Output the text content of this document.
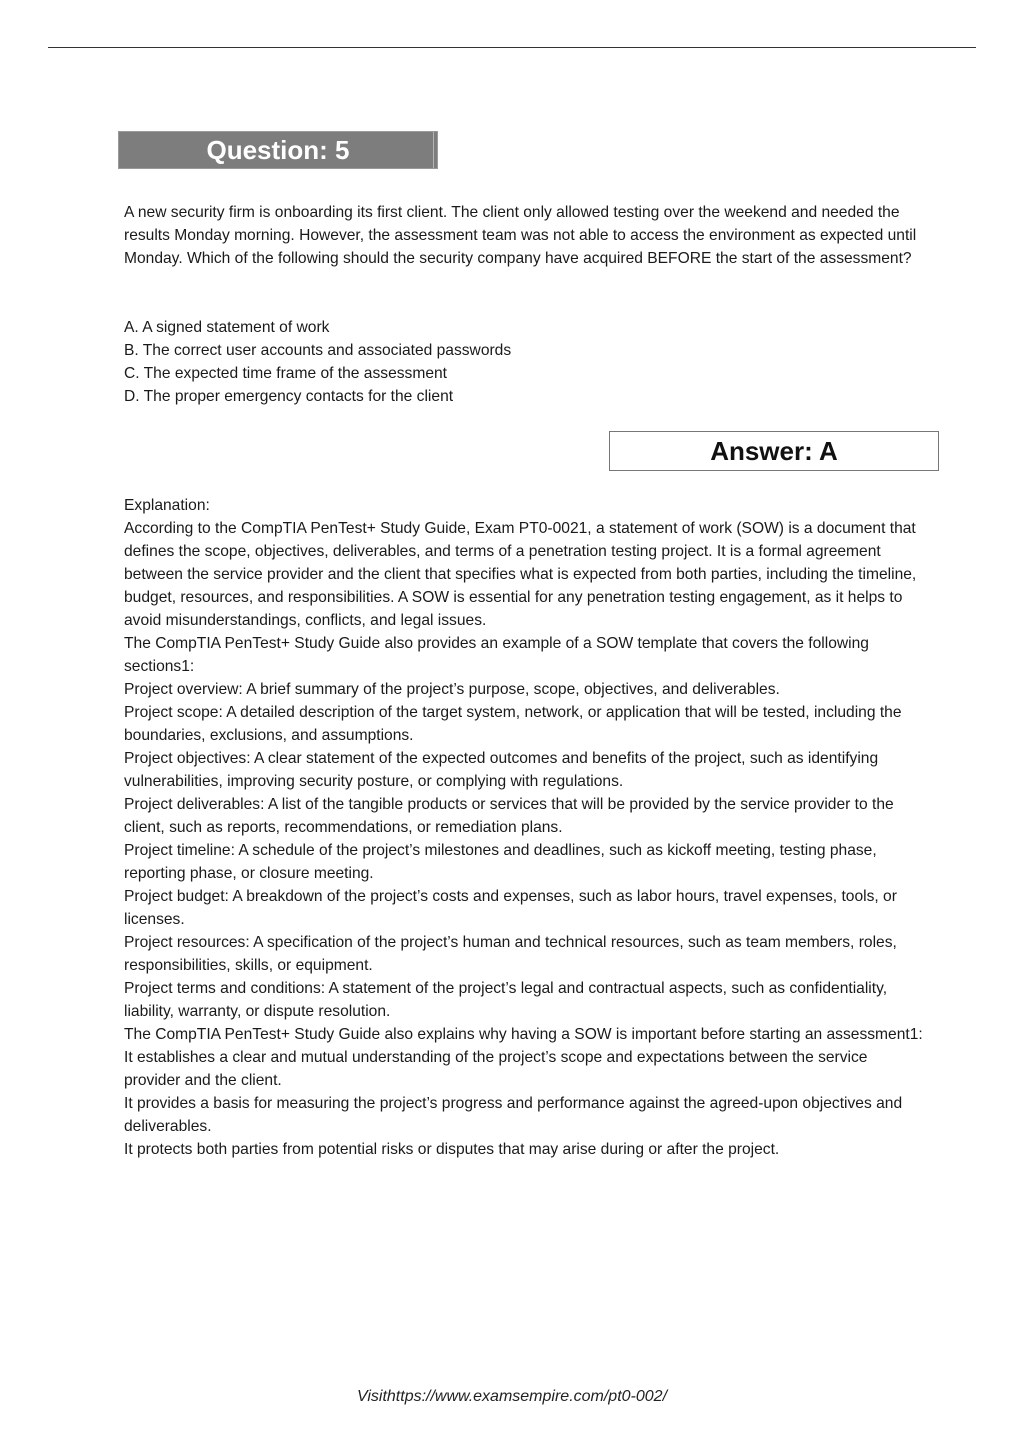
Question: 5

A new security firm is onboarding its first client. The client only allowed testing over the weekend and needed the results Monday morning. However, the assessment team was not able to access the environment as expected until Monday. Which of the following should the security company have acquired BEFORE the start of the assessment?

A. A signed statement of work

B. The correct user accounts and associated passwords

C. The expected time frame of the assessment

D. The proper emergency contacts for the client

Answer: A

Explanation:

According to the CompTIA PenTest+ Study Guide, Exam PT0-0021, a statement of work (SOW) is a document that defines the scope, objectives, deliverables, and terms of a penetration testing project. It is a formal agreement between the service provider and the client that specifies what is expected from both parties, including the timeline, budget, resources, and responsibilities. A SOW is essential for any penetration testing engagement, as it helps to avoid misunderstandings, conflicts, and legal issues.

The CompTIA PenTest+ Study Guide also provides an example of a SOW template that covers the following sections1:

Project overview: A brief summary of the project’s purpose, scope, objectives, and deliverables.

Project scope: A detailed description of the target system, network, or application that will be tested, including the boundaries, exclusions, and assumptions.

Project objectives: A clear statement of the expected outcomes and benefits of the project, such as identifying vulnerabilities, improving security posture, or complying with regulations.

Project deliverables: A list of the tangible products or services that will be provided by the service provider to the client, such as reports, recommendations, or remediation plans.

Project timeline: A schedule of the project’s milestones and deadlines, such as kickoff meeting, testing phase, reporting phase, or closure meeting.

Project budget: A breakdown of the project’s costs and expenses, such as labor hours, travel expenses, tools, or licenses.

Project resources: A specification of the project’s human and technical resources, such as team members, roles, responsibilities, skills, or equipment.

Project terms and conditions: A statement of the project’s legal and contractual aspects, such as confidentiality, liability, warranty, or dispute resolution.

The CompTIA PenTest+ Study Guide also explains why having a SOW is important before starting an assessment1:

It establishes a clear and mutual understanding of the project’s scope and expectations between the service provider and the client.

It provides a basis for measuring the project’s progress and performance against the agreed-upon objectives and deliverables.

It protects both parties from potential risks or disputes that may arise during or after the project.

Visithttps://www.examsempire.com/pt0-002/
